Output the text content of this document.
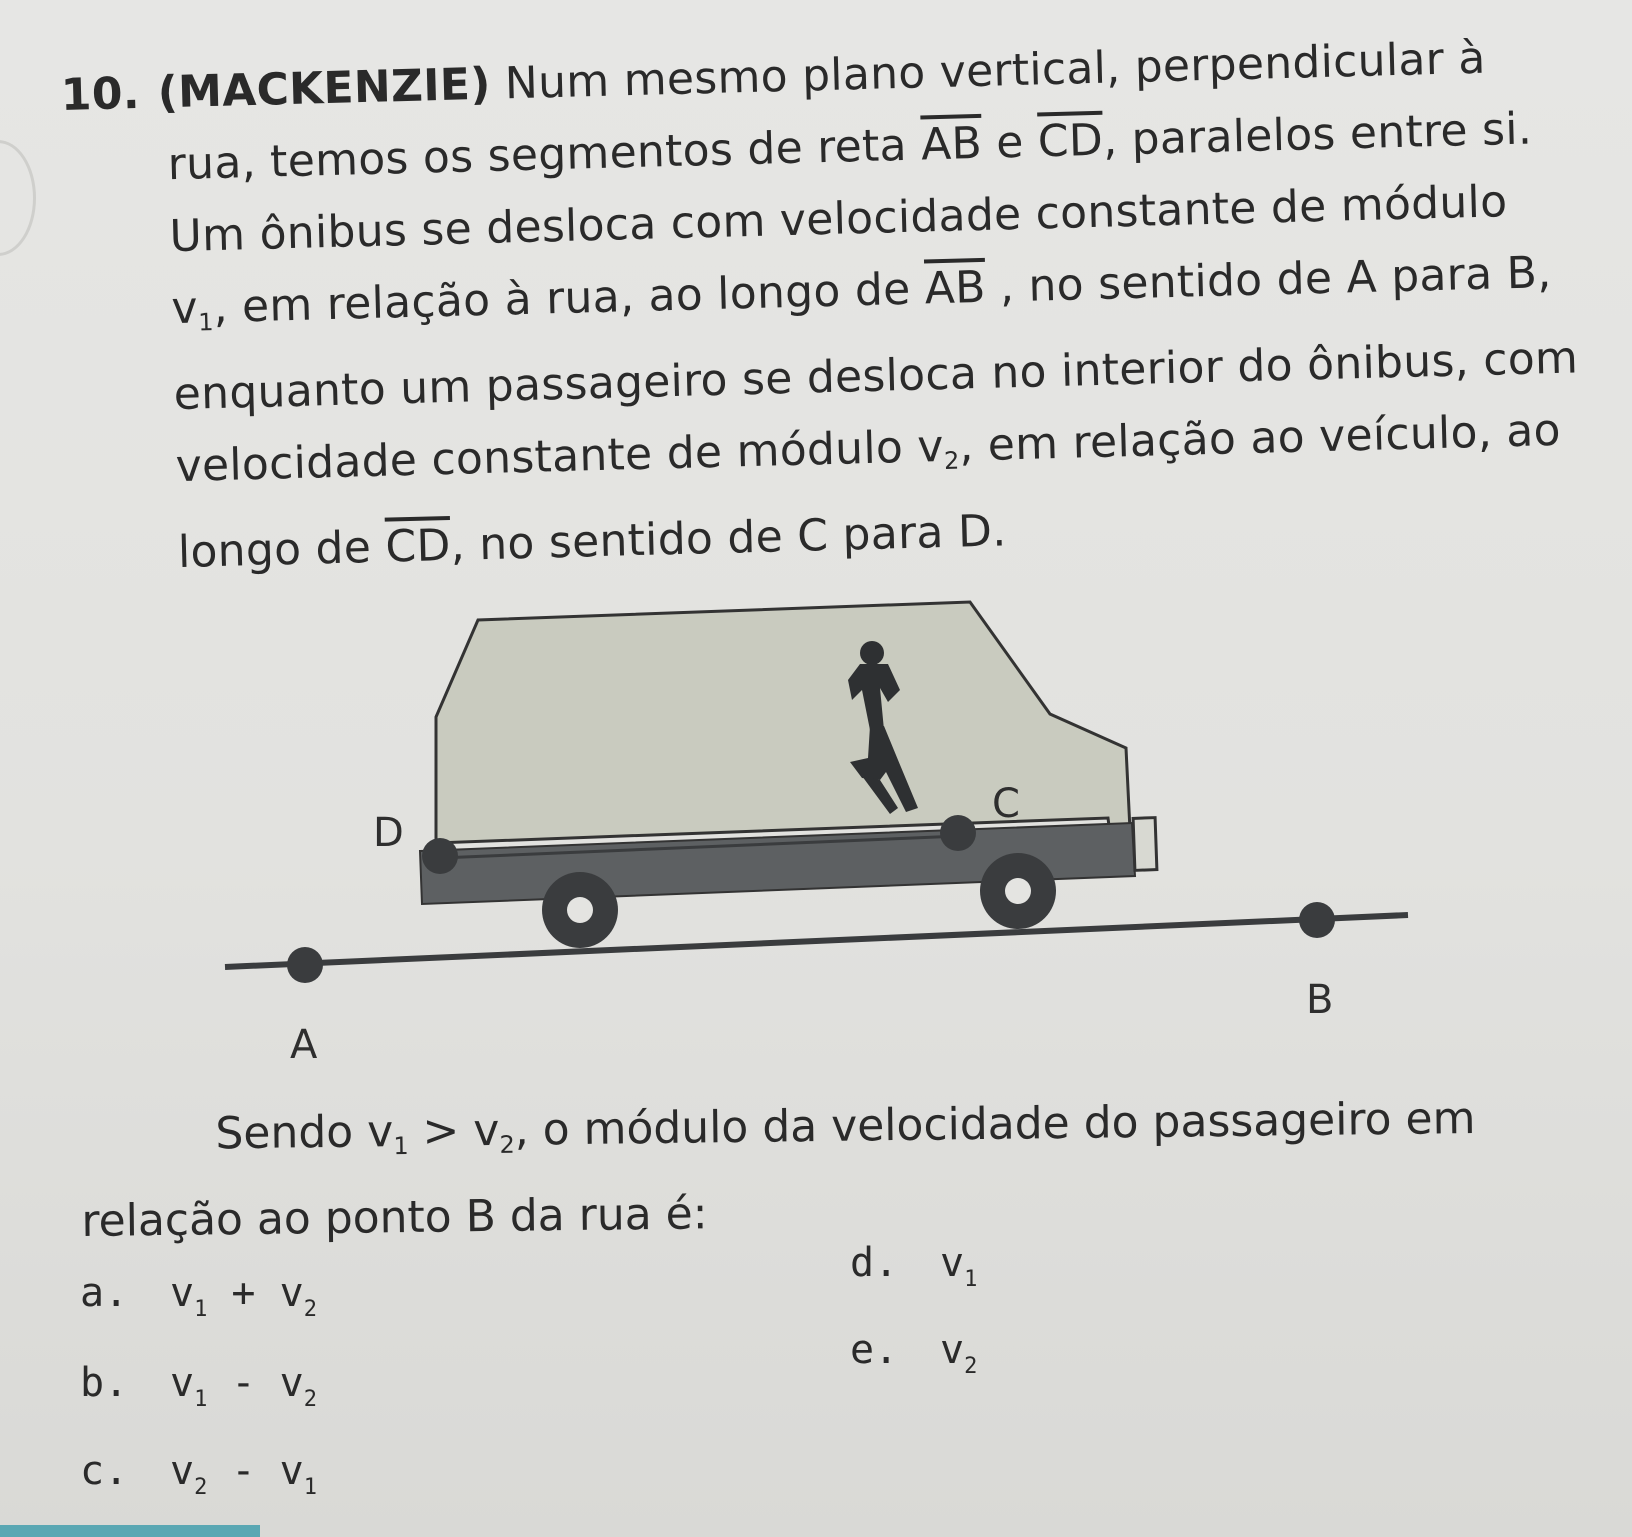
10. (MACKENZIE) Num mesmo plano vertical, perpendicular à
rua, temos os segmentos de reta $\overline{AB}$ e $\overline{CD}$, paralelos entre si.
Um ônibus se desloca com velocidade constante de módulo
$v_1$, em relação à rua, ao longo de $\overline{AB}$ , no sentido de A para B,
enquanto um passageiro se desloca no interior do ônibus, com
velocidade constante de módulo $v_2$, em relação ao veículo, ao
longo de $\overline{CD}$, no sentido de C para D.
D
C
A
B
Sendo $v_1 > v_2$, o módulo da velocidade do passageiro em
relação ao ponto B da rua é:
a. $v_1 + v_2$
b. $v_1 - v_2$
c. $v_2 - v_1$
d. $v_1$
e. $v_2$
